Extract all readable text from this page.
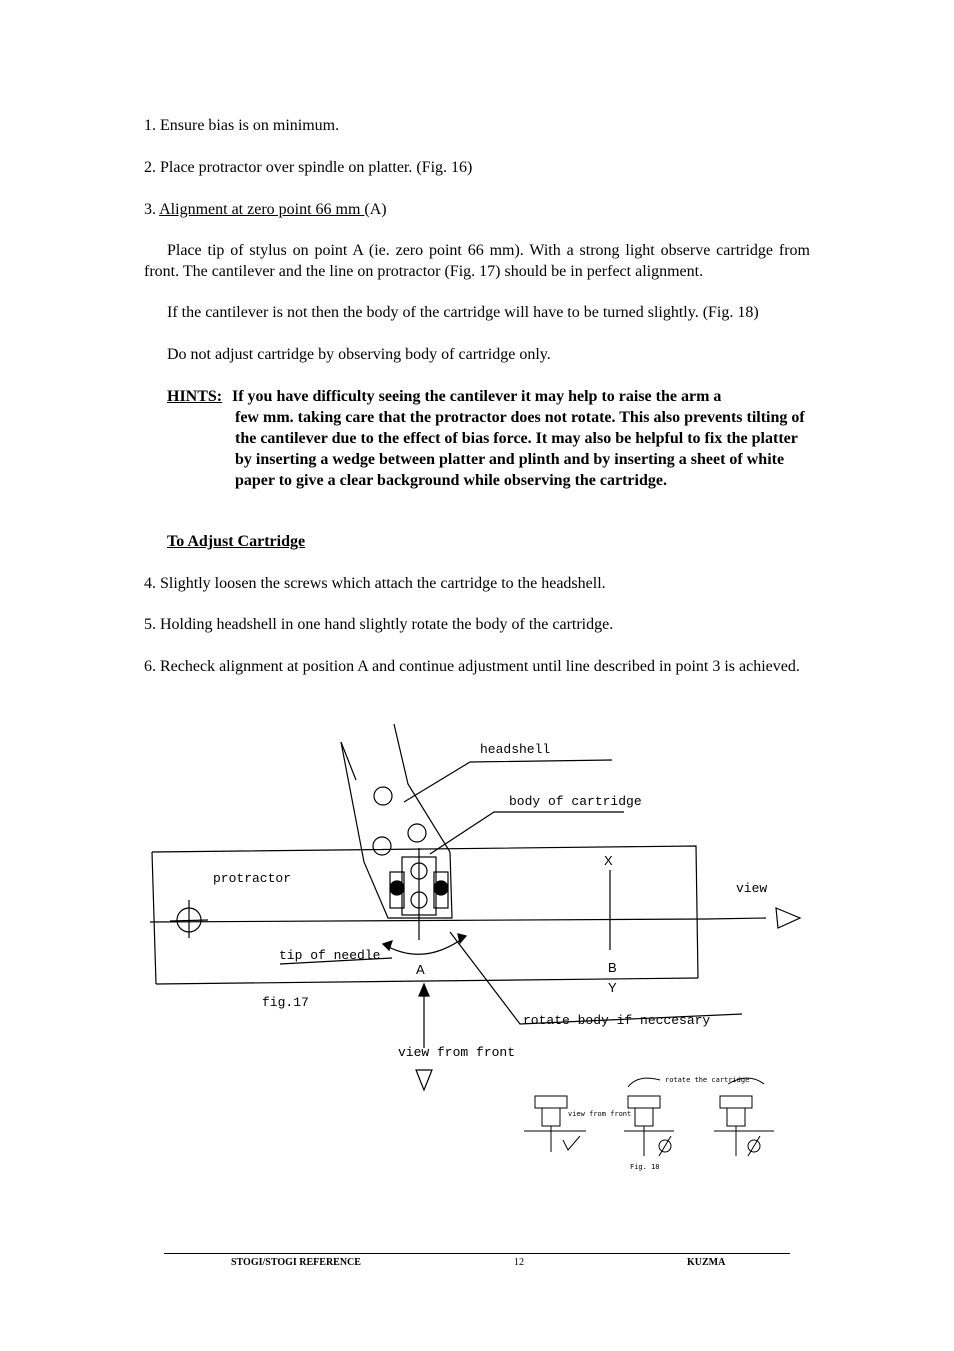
1. Ensure bias is on minimum.

2. Place protractor over spindle on platter. (Fig. 16)

3. Alignment at zero point 66 mm (A)

Place tip of stylus on point A (ie. zero point 66 mm). With a strong light observe cartridge from front. The cantilever and the line on protractor (Fig. 17) should be in perfect alignment.

If the cantilever is not then the body of the cartridge will have to be turned slightly. (Fig. 18)

Do not adjust cartridge by observing body of cartridge only.

HINTS: If you have difficulty seeing the cantilever it may help to raise the arm a
few mm. taking care that the protractor does not rotate. This also prevents tilting of the cantilever due to the effect of bias force. It may also be helpful to fix the platter by inserting a wedge between platter and plinth and by inserting a sheet of white paper to give a clear background while observing the cartridge.
To Adjust Cartridge

4. Slightly loosen the screws which attach the cartridge to the headshell.

5. Holding headshell in one hand slightly rotate the body of the cartridge.

6. Recheck alignment at position A and continue adjustment until line described in point 3 is achieved.

headshell
body of cartridge
protractor
view
tip of needle
fig.17
rotate body if neccesary
view from front
X
A	B
Y
rotate the cartridge
view from front
Fig. 18
STOGI/STOGI REFERENCE	12	KUZMA
